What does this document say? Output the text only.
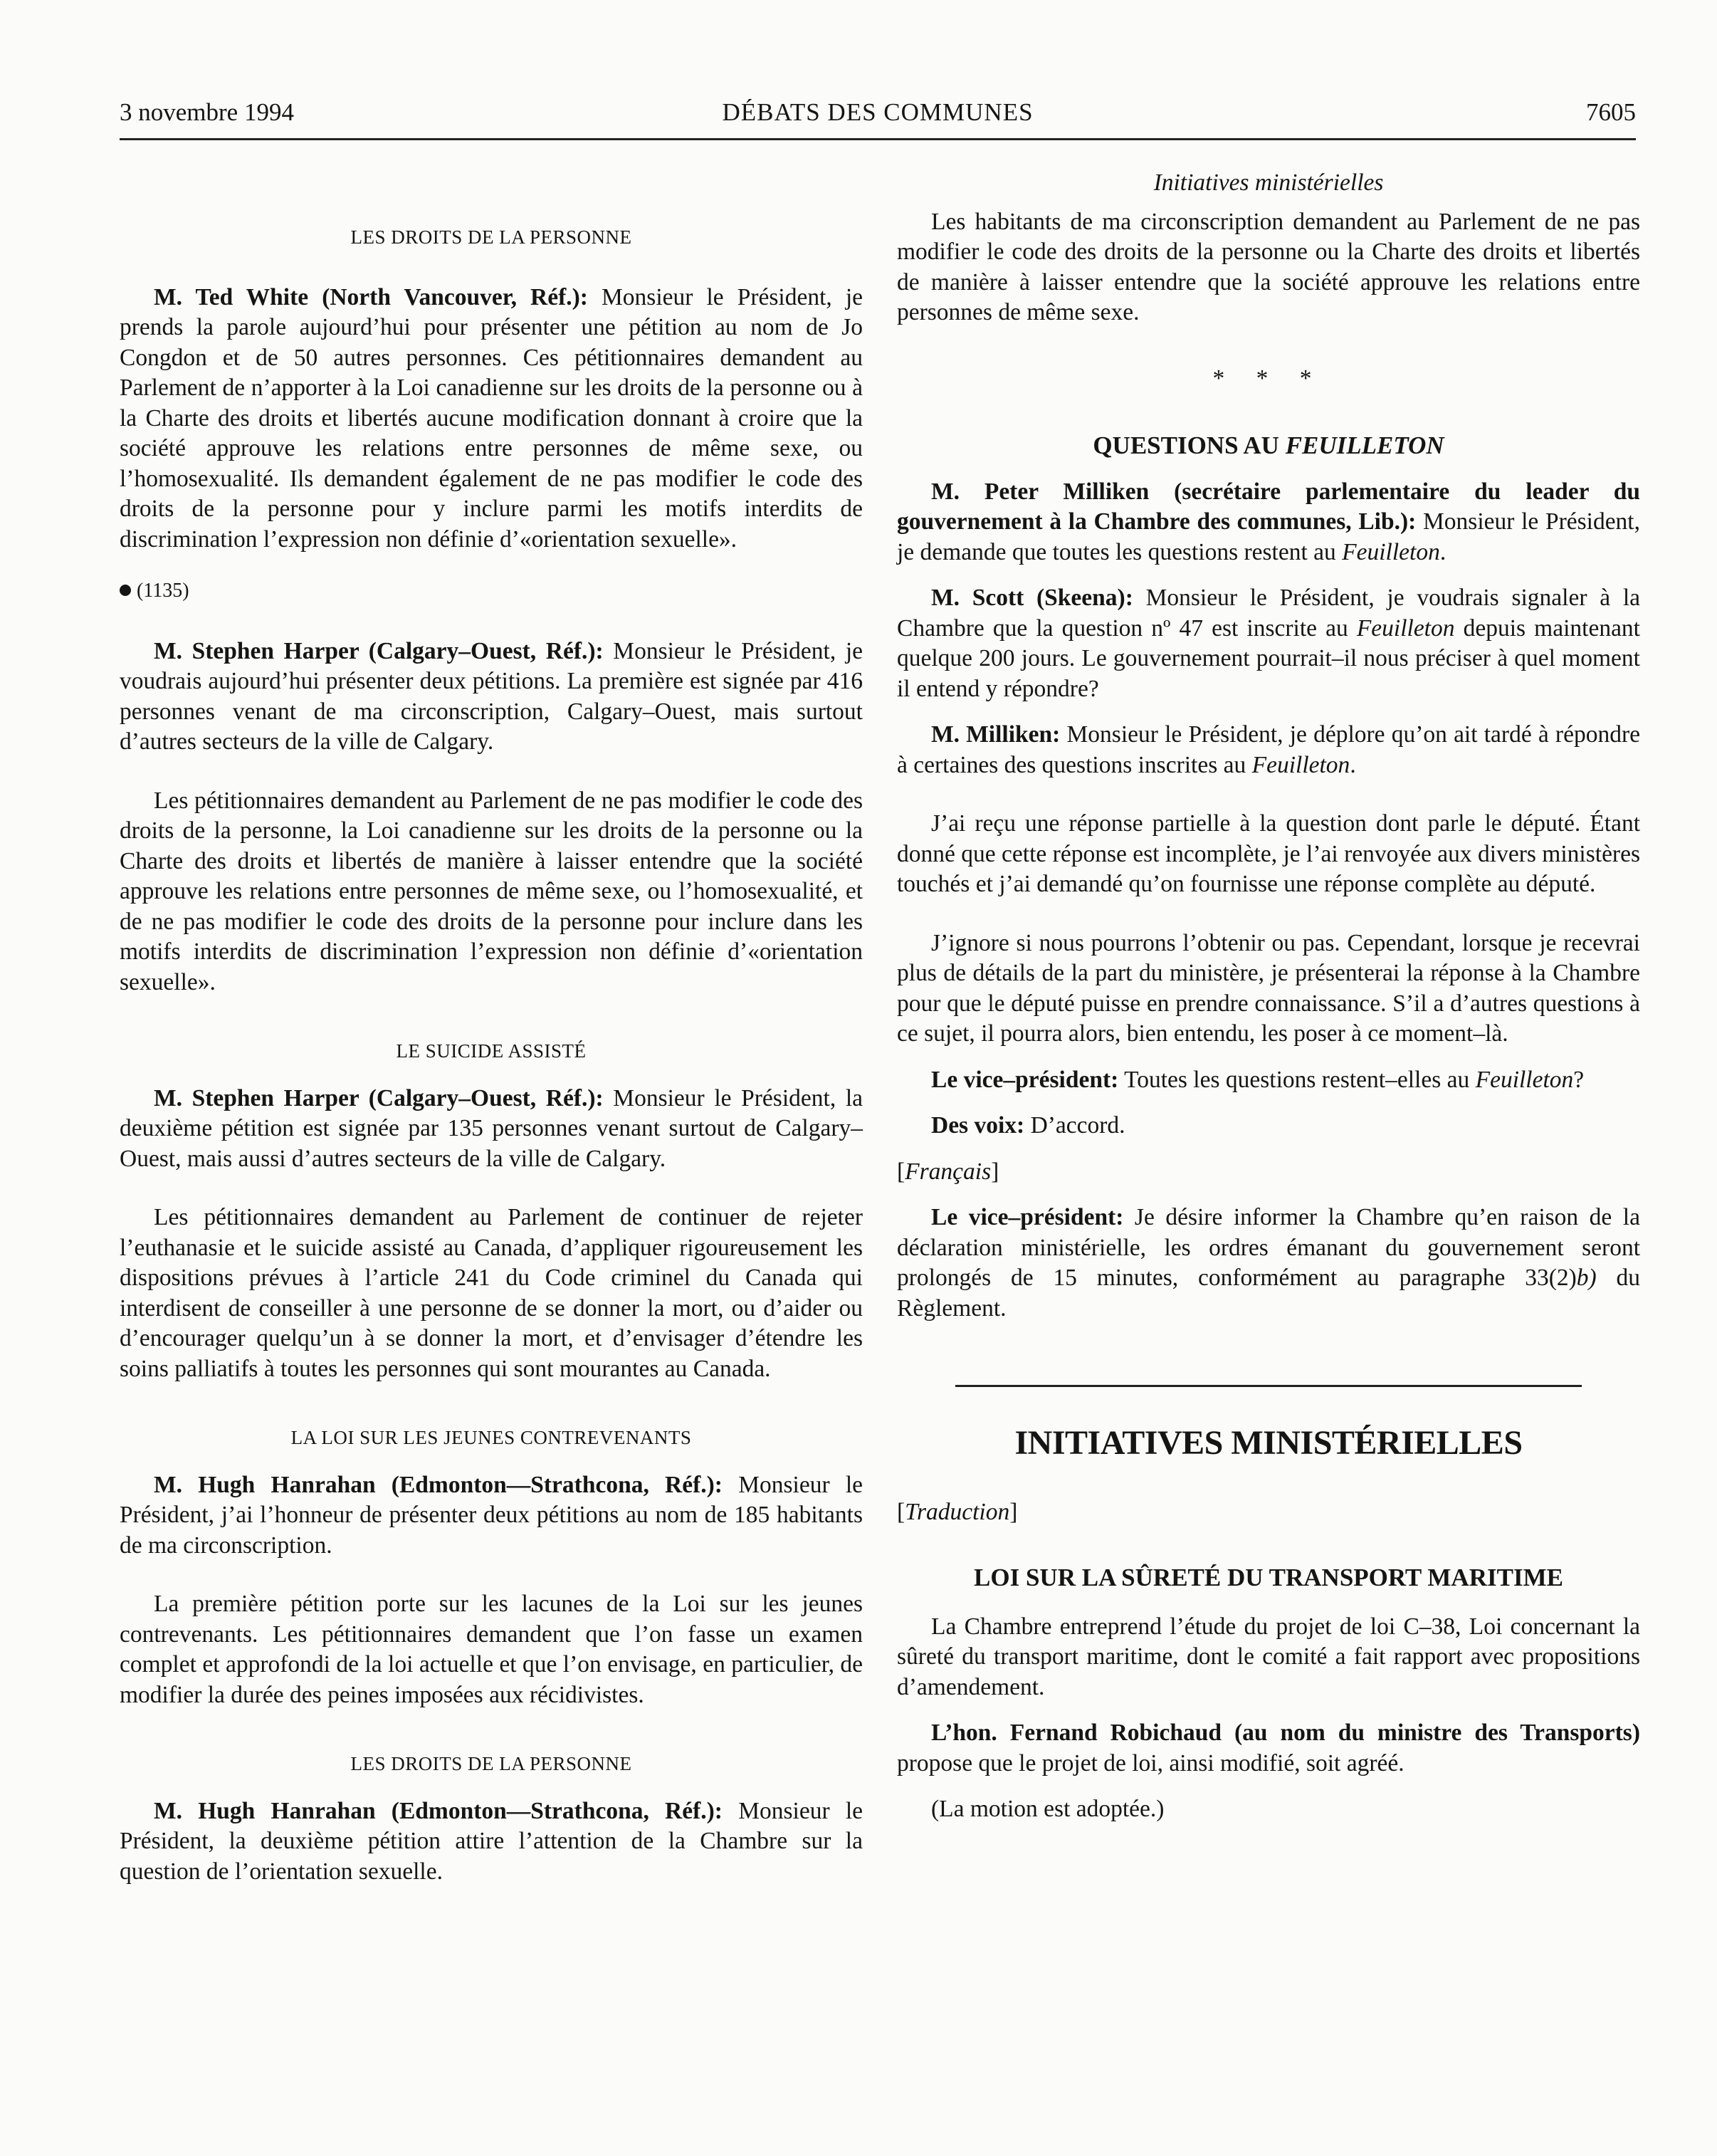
3 novembre 1994	DÉBATS DES COMMUNES	7605

LES DROITS DE LA PERSONNE

M. Ted White (North Vancouver, Réf.): Monsieur le Président, je prends la parole aujourd’hui pour présenter une pétition au nom de Jo Congdon et de 50 autres personnes. Ces pétitionnaires demandent au Parlement de n’apporter à la Loi canadienne sur les droits de la personne ou à la Charte des droits et libertés aucune modification donnant à croire que la société approuve les relations entre personnes de même sexe, ou l’homosexualité. Ils demandent également de ne pas modifier le code des droits de la personne pour y inclure parmi les motifs interdits de discrimination l’expression non définie d’«orientation sexuelle».

(1135)

M. Stephen Harper (Calgary–Ouest, Réf.): Monsieur le Président, je voudrais aujourd’hui présenter deux pétitions. La première est signée par 416 personnes venant de ma circonscription, Calgary–Ouest, mais surtout d’autres secteurs de la ville de Calgary.

Les pétitionnaires demandent au Parlement de ne pas modifier le code des droits de la personne, la Loi canadienne sur les droits de la personne ou la Charte des droits et libertés de manière à laisser entendre que la société approuve les relations entre personnes de même sexe, ou l’homosexualité, et de ne pas modifier le code des droits de la personne pour inclure dans les motifs interdits de discrimination l’expression non définie d’«orientation sexuelle».

LE SUICIDE ASSISTÉ

M. Stephen Harper (Calgary–Ouest, Réf.): Monsieur le Président, la deuxième pétition est signée par 135 personnes venant surtout de Calgary–Ouest, mais aussi d’autres secteurs de la ville de Calgary.

Les pétitionnaires demandent au Parlement de continuer de rejeter l’euthanasie et le suicide assisté au Canada, d’appliquer rigoureusement les dispositions prévues à l’article 241 du Code criminel du Canada qui interdisent de conseiller à une personne de se donner la mort, ou d’aider ou d’encourager quelqu’un à se donner la mort, et d’envisager d’étendre les soins palliatifs à toutes les personnes qui sont mourantes au Canada.

LA LOI SUR LES JEUNES CONTREVENANTS

M. Hugh Hanrahan (Edmonton—Strathcona, Réf.): Monsieur le Président, j’ai l’honneur de présenter deux pétitions au nom de 185 habitants de ma circonscription.

La première pétition porte sur les lacunes de la Loi sur les jeunes contrevenants. Les pétitionnaires demandent que l’on fasse un examen complet et approfondi de la loi actuelle et que l’on envisage, en particulier, de modifier la durée des peines imposées aux récidivistes.

LES DROITS DE LA PERSONNE

M. Hugh Hanrahan (Edmonton—Strathcona, Réf.): Monsieur le Président, la deuxième pétition attire l’attention de la Chambre sur la question de l’orientation sexuelle.

Initiatives ministérielles

Les habitants de ma circonscription demandent au Parlement de ne pas modifier le code des droits de la personne ou la Charte des droits et libertés de manière à laisser entendre que la société approuve les relations entre personnes de même sexe.

* * *

QUESTIONS AU FEUILLETON

M. Peter Milliken (secrétaire parlementaire du leader du gouvernement à la Chambre des communes, Lib.): Monsieur le Président, je demande que toutes les questions restent au Feuilleton.

M. Scott (Skeena): Monsieur le Président, je voudrais signaler à la Chambre que la question nº 47 est inscrite au Feuilleton depuis maintenant quelque 200 jours. Le gouvernement pourrait–il nous préciser à quel moment il entend y répondre?

M. Milliken: Monsieur le Président, je déplore qu’on ait tardé à répondre à certaines des questions inscrites au Feuilleton.

J’ai reçu une réponse partielle à la question dont parle le député. Étant donné que cette réponse est incomplète, je l’ai renvoyée aux divers ministères touchés et j’ai demandé qu’on fournisse une réponse complète au député.

J’ignore si nous pourrons l’obtenir ou pas. Cependant, lorsque je recevrai plus de détails de la part du ministère, je présenterai la réponse à la Chambre pour que le député puisse en prendre connaissance. S’il a d’autres questions à ce sujet, il pourra alors, bien entendu, les poser à ce moment–là.

Le vice–président: Toutes les questions restent–elles au Feuilleton?

Des voix: D’accord.

[Français]

Le vice–président: Je désire informer la Chambre qu’en raison de la déclaration ministérielle, les ordres émanant du gouvernement seront prolongés de 15 minutes, conformément au paragraphe 33(2)b) du Règlement.

INITIATIVES MINISTÉRIELLES

[Traduction]

LOI SUR LA SÛRETÉ DU TRANSPORT MARITIME

La Chambre entreprend l’étude du projet de loi C–38, Loi concernant la sûreté du transport maritime, dont le comité a fait rapport avec propositions d’amendement.

L’hon. Fernand Robichaud (au nom du ministre des Transports) propose que le projet de loi, ainsi modifié, soit agréé.

(La motion est adoptée.)
